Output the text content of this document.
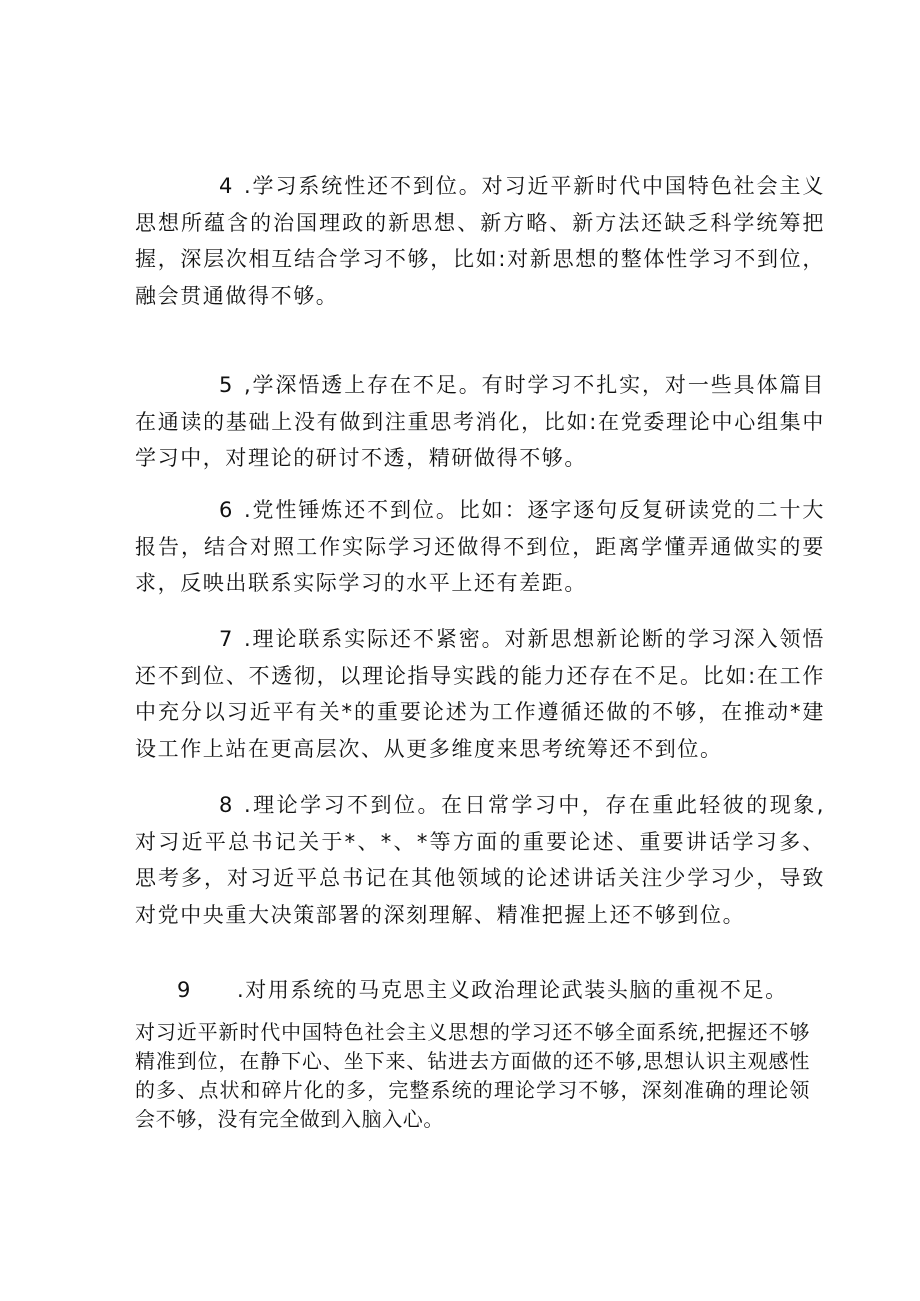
4 .学习系统性还不到位。对习近平新时代中国特色社会主义思想所蕴含的治国理政的新思想、新方略、新方法还缺乏科学统筹把握，深层次相互结合学习不够，比如:对新思想的整体性学习不到位，融会贯通做得不够。

5 ,学深悟透上存在不足。有时学习不扎实，对一些具体篇目在通读的基础上没有做到注重思考消化，比如:在党委理论中心组集中学习中，对理论的研讨不透，精研做得不够。

6 .党性锤炼还不到位。比如：逐字逐句反复研读党的二十大报告，结合对照工作实际学习还做得不到位，距离学懂弄通做实的要求，反映出联系实际学习的水平上还有差距。

7 .理论联系实际还不紧密。对新思想新论断的学习深入领悟还不到位、不透彻，以理论指导实践的能力还存在不足。比如:在工作中充分以习近平有关*的重要论述为工作遵循还做的不够，在推动*建设工作上站在更高层次、从更多维度来思考统筹还不到位。

8 .理论学习不到位。在日常学习中，存在重此轻彼的现象,对习近平总书记关于*、*、*等方面的重要论述、重要讲话学习多、思考多，对习近平总书记在其他领域的论述讲话关注少学习少，导致对党中央重大决策部署的深刻理解、精准把握上还不够到位。

9 .对用系统的马克思主义政治理论武装头脑的重视不足。

对习近平新时代中国特色社会主义思想的学习还不够全面系统,把握还不够精准到位，在静下心、坐下来、钻进去方面做的还不够,思想认识主观感性的多、点状和碎片化的多，完整系统的理论学习不够，深刻准确的理论领会不够，没有完全做到入脑入心。
